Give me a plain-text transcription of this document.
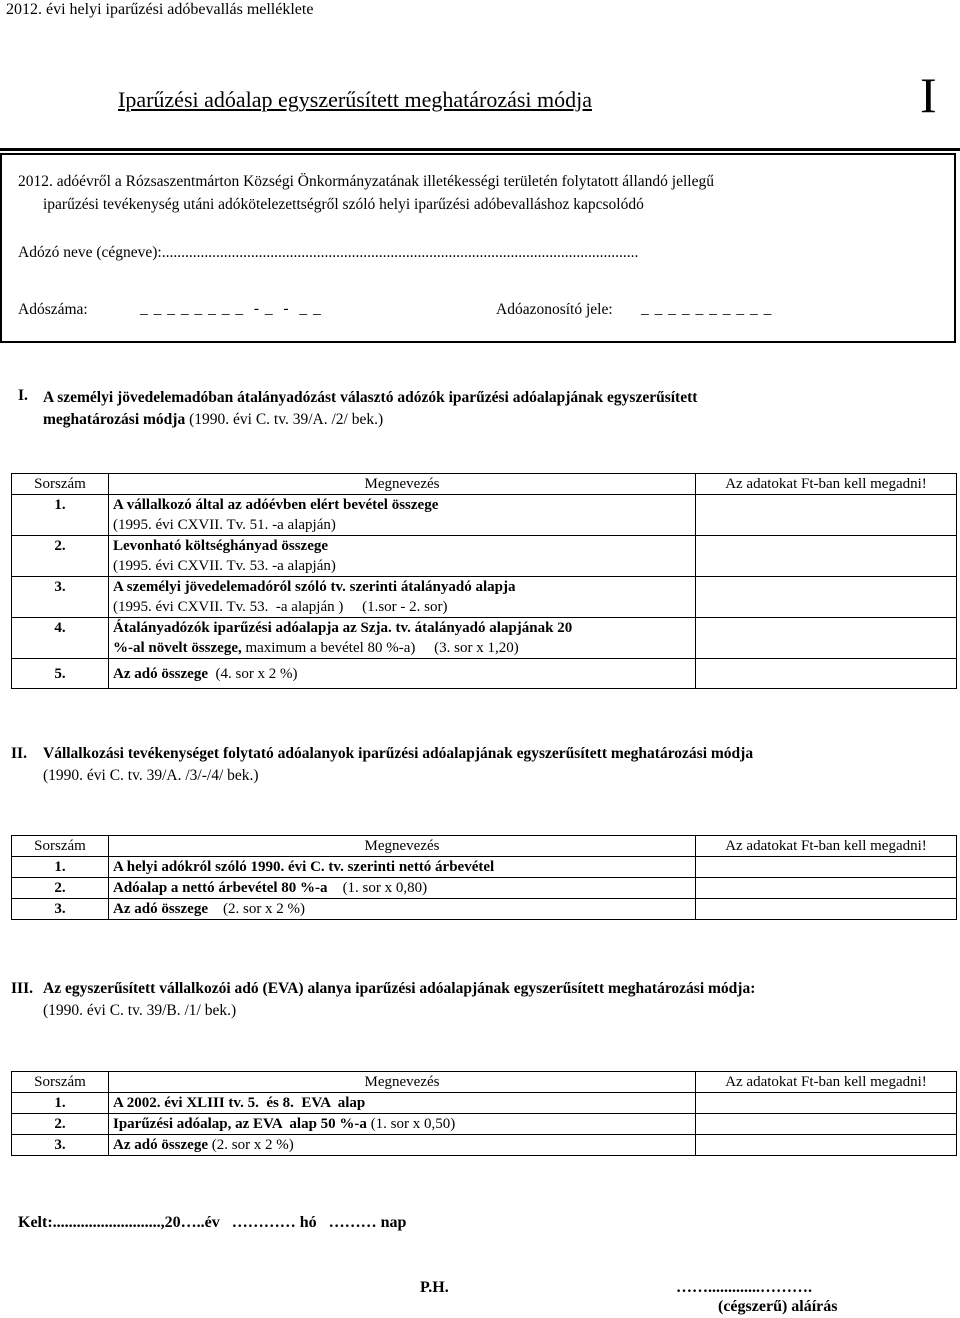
2012. évi helyi iparűzési adóbevallás melléklete
Iparűzési adóalap egyszerűsített meghatározási módja	I
2012. adóévről a Rózsaszentmárton Községi Önkormányzatának illetékességi területén folytatott állandó jellegű
iparűzési tevékenység utáni adókötelezettségről szóló helyi iparűzési adóbevalláshoz kapcsolódó
Adózó neve (cégneve):...........................................................................................................................
Adószáma:	_ _ _ _ _ _ _ _  - _  -  _ _	Adóazonosító jele: _ _ _ _ _ _ _ _ _ _
I. A személyi jövedelemadóban átalányadózást választó adózók iparűzési adóalapjának egyszerűsített
meghatározási módja (1990. évi C. tv. 39/A. /2/ bek.)
Sorszám	Megnevezés	Az adatokat Ft-ban kell megadni!
1.	A vállalkozó által az adóévben elért bevétel összege
(1995. évi CXVII. Tv. 51. -a alapján)	
2.	Levonható költséghányad összege
(1995. évi CXVII. Tv. 53. -a alapján)	
3.	A személyi jövedelemadóról szóló tv. szerinti átalányadó alapja
(1995. évi CXVII. Tv. 53.  -a alapján )     (1.sor - 2. sor)	
4.	Átalányadózók iparűzési adóalapja az Szja. tv. átalányadó alapjának 20
%-al növelt összege, maximum a bevétel 80 %-a)     (3. sor x 1,20)	
5.	Az adó összege  (4. sor x 2 %)	
II. Vállalkozási tevékenységet folytató adóalanyok iparűzési adóalapjának egyszerűsített meghatározási módja
(1990. évi C. tv. 39/A. /3/-/4/ bek.)
Sorszám	Megnevezés	Az adatokat Ft-ban kell megadni!
1.	A helyi adókról szóló 1990. évi C. tv. szerinti nettó árbevétel	
2.	Adóalap a nettó árbevétel 80 %-a    (1. sor x 0,80)	
3.	Az adó összege    (2. sor x 2 %)	
III. Az egyszerűsített vállalkozói adó (EVA) alanya iparűzési adóalapjának egyszerűsített meghatározási módja:
(1990. évi C. tv. 39/B. /1/ bek.)
Sorszám	Megnevezés	Az adatokat Ft-ban kell megadni!
1.	A 2002. évi XLIII tv. 5.  és 8.  EVA  alap	
2.	Iparűzési adóalap, az EVA  alap 50 %-a (1. sor x 0,50)	
3.	Az adó összege (2. sor x 2 %)	
Kelt:...........................,20…..év   ………… hó   ……… nap
P.H.	…….............……….
(cégszerű) aláírás
